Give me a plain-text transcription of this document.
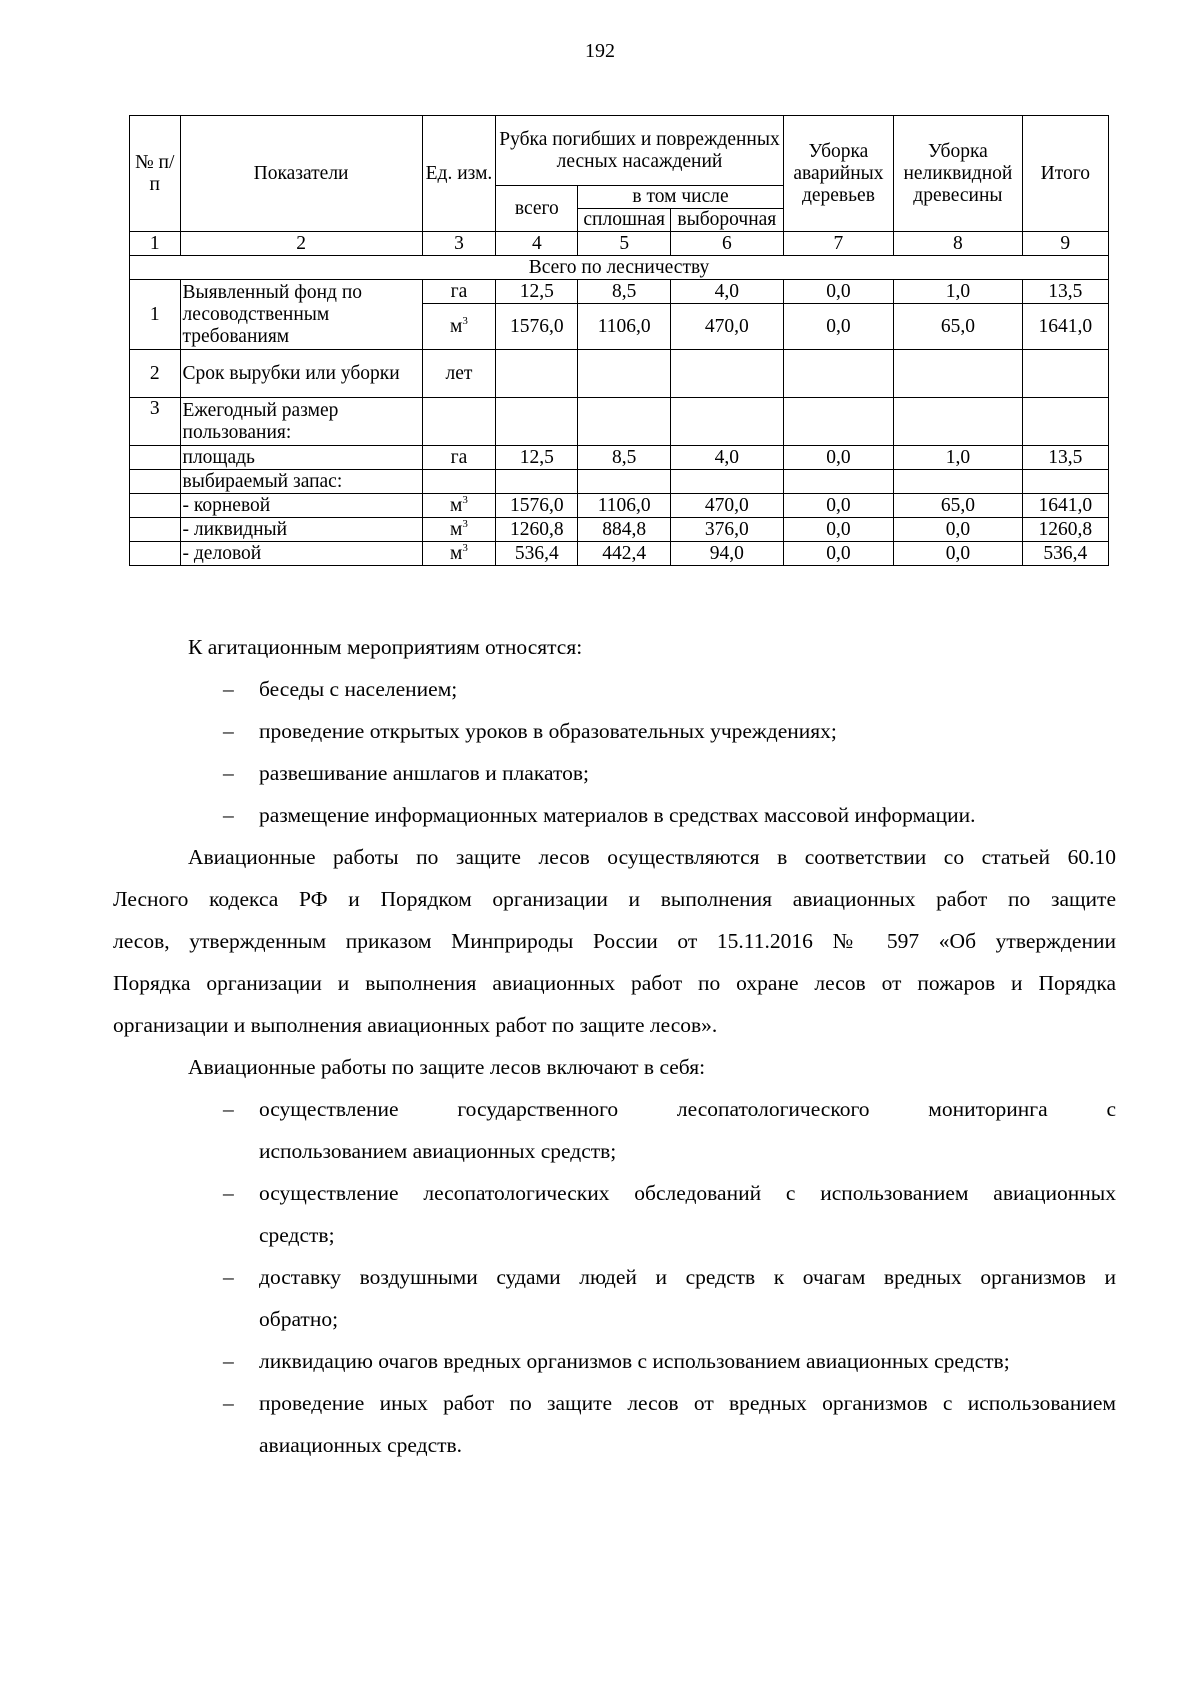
192
№ п/п	Показатели	Ед. изм.	Рубка погибших и поврежденных лесных насаждений			Уборка аварийных деревьев	Уборка неликвидной древесины	Итого
			всего	в том числе				
				сплошная	выборочная			
1	2	3	4	5	6	7	8	9
Всего по лесничеству								
1	Выявленный фонд по лесоводственным требованиям	га	12,5	8,5	4,0	0,0	1,0	13,5
		$м^3$	1576,0	1106,0	470,0	0,0	65,0	1641,0
2	Срок вырубки или уборки	лет						
3	Ежегодный размер пользования:							
	площадь	га	12,5	8,5	4,0	0,0	1,0	13,5
	выбираемый запас:							
	- корневой	$м^3$	1576,0	1106,0	470,0	0,0	65,0	1641,0
	- ликвидный	$м^3$	1260,8	884,8	376,0	0,0	0,0	1260,8
	- деловой	$м^3$	536,4	442,4	94,0	0,0	0,0	536,4

К агитационным мероприятиям относятся:

– беседы с населением;
– проведение открытых уроков в образовательных учреждениях;
– развешивание аншлагов и плакатов;
– размещение информационных материалов в средствах массовой информации.
Авиационные работы по защите лесов осуществляются в соответствии со статьей 60.10
Лесного кодекса РФ и Порядком организации и выполнения авиационных работ по защите
лесов, утвержденным приказом Минприроды России от 15.11.2016 № 597 «Об утверждении
Порядка организации и выполнения авиационных работ по охране лесов от пожаров и Порядка
организации и выполнения авиационных работ по защите лесов».

Авиационные работы по защите лесов включают в себя:

– осуществление государственного лесопатологического мониторинга с
использованием авиационных средств;
– осуществление лесопатологических обследований с использованием авиационных
средств;
– доставку воздушными судами людей и средств к очагам вредных организмов и
обратно;
– ликвидацию очагов вредных организмов с использованием авиационных средств;
– проведение иных работ по защите лесов от вредных организмов с использованием
авиационных средств.
